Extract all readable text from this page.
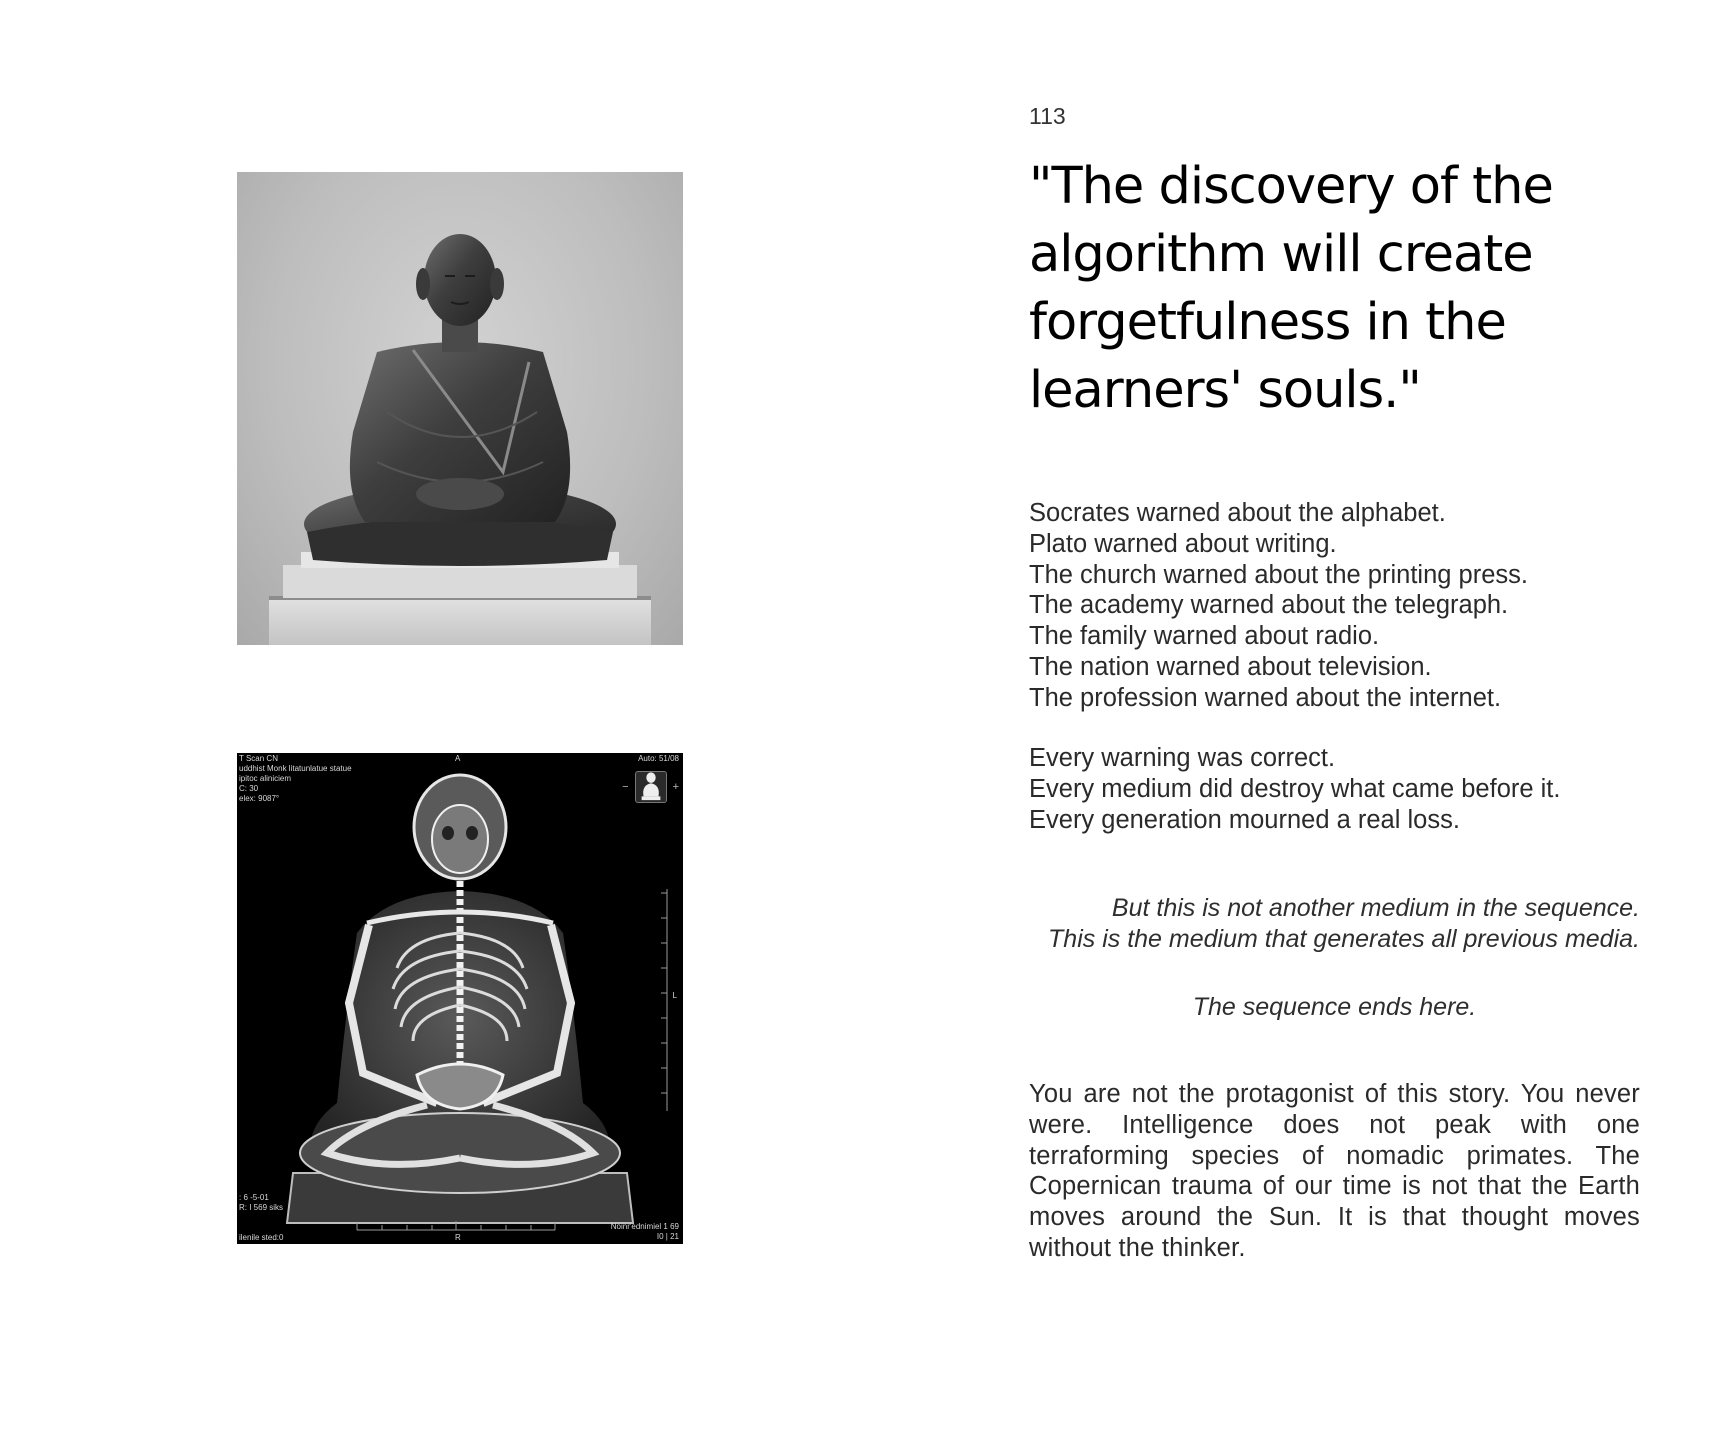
T Scan CN
uddhist Monk litatunlatue statue
ipitoc aliniciem
C: 30
elex: 9087°
A	Auto: 51/08
−	+
L
: 6 -5-01
R: I 569 siks
ilenile sted:0	R
Noinr'ednimiel 1 69
I0 | 21
113
"The discovery of the
algorithm will create
forgetfulness in the
learners' souls."
Socrates warned about the alphabet.
Plato warned about writing.
The church warned about the printing press.
The academy warned about the telegraph.
The family warned about radio.
The nation warned about television.
The profession warned about the internet.
Every warning was correct.
Every medium did destroy what came before it.
Every generation mourned a real loss.
But this is not another medium in the sequence.
This is the medium that generates all previous media.
The sequence ends here.

You are not the protagonist of this story. You never were. Intelligence does not peak with one terraforming species of nomadic primates. The Copernican trauma of our time is not that the Earth moves around the Sun. It is that thought moves without the thinker.
